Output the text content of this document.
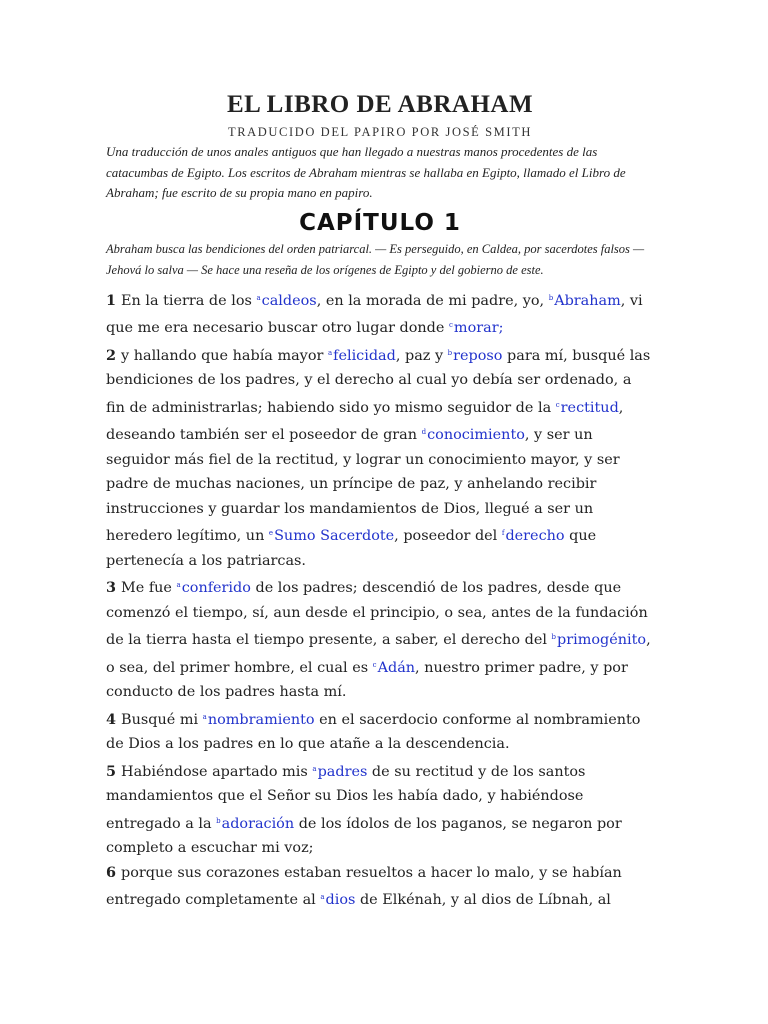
EL LIBRO DE ABRAHAM
TRADUCIDO DEL PAPIRO POR JOSÉ SMITH
Una traducción de unos anales antiguos que han llegado a nuestras manos procedentes de las catacumbas de Egipto. Los escritos de Abraham mientras se hallaba en Egipto, llamado el Libro de Abraham; fue escrito de su propia mano en papiro.
CAPÍTULO 1
Abraham busca las bendiciones del orden patriarcal. — Es perseguido, en Caldea, por sacerdotes falsos — Jehová lo salva — Se hace una reseña de los orígenes de Egipto y del gobierno de este.
1 En la tierra de los $^a$caldeos, en la morada de mi padre, yo, $^b$Abraham, vi que me era necesario buscar otro lugar donde $^c$morar;
2 y hallando que había mayor $^a$felicidad, paz y $^b$reposo para mí, busqué las bendiciones de los padres, y el derecho al cual yo debía ser ordenado, a fin de administrarlas; habiendo sido yo mismo seguidor de la $^c$rectitud, deseando también ser el poseedor de gran $^d$conocimiento, y ser un seguidor más fiel de la rectitud, y lograr un conocimiento mayor, y ser padre de muchas naciones, un príncipe de paz, y anhelando recibir instrucciones y guardar los mandamientos de Dios, llegué a ser un heredero legítimo, un $^e$Sumo Sacerdote, poseedor del $^f$derecho que pertenecía a los patriarcas.
3 Me fue $^a$conferido de los padres; descendió de los padres, desde que comenzó el tiempo, sí, aun desde el principio, o sea, antes de la fundación de la tierra hasta el tiempo presente, a saber, el derecho del $^b$primogénito, o sea, del primer hombre, el cual es $^c$Adán, nuestro primer padre, y por conducto de los padres hasta mí.
4 Busqué mi $^a$nombramiento en el sacerdocio conforme al nombramiento de Dios a los padres en lo que atañe a la descendencia.
5 Habiéndose apartado mis $^a$padres de su rectitud y de los santos mandamientos que el Señor su Dios les había dado, y habiéndose entregado a la $^b$adoración de los ídolos de los paganos, se negaron por completo a escuchar mi voz;
6 porque sus corazones estaban resueltos a hacer lo malo, y se habían entregado completamente al $^a$dios de Elkénah, y al dios de Líbnah, al
